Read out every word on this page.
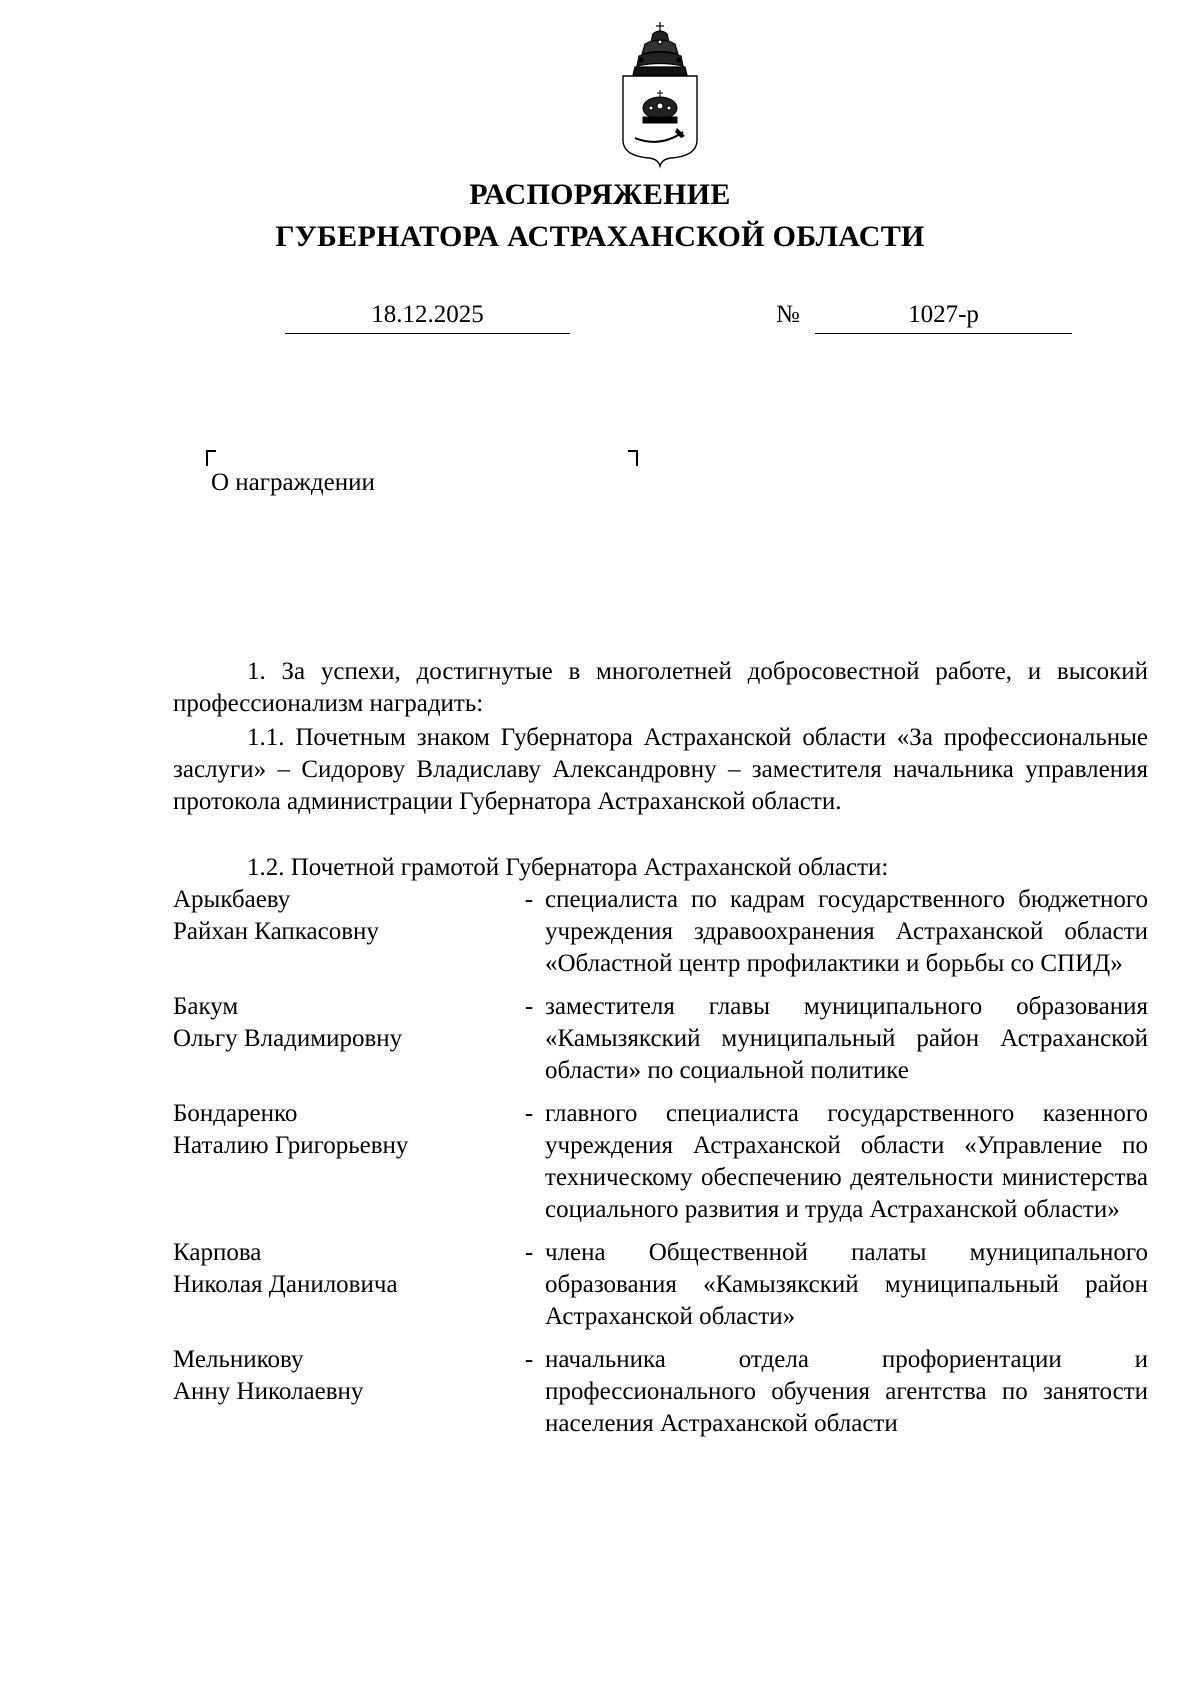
РАСПОРЯЖЕНИЕ
ГУБЕРНАТОРА АСТРАХАНСКОЙ ОБЛАСТИ
18.12.2025	№	1027-р
О награждении
1. За успехи, достигнутые в многолетней добросовестной работе, и высокий профессионализм наградить:
1.1. Почетным знаком Губернатора Астраханской области «За профессиональные заслуги» – Сидорову Владиславу Александровну – заместителя начальника управления протокола администрации Губернатора Астраханской области.
1.2. Почетной грамотой Губернатора Астраханской области:
Арыкбаеву
Райхан Капкасовну
- специалиста по кадрам государственного бюджетного учреждения здравоохранения Астраханской области «Областной центр профилактики и борьбы со СПИД»
Бакум
Ольгу Владимировну
- заместителя главы муниципального образования «Камызякский муниципальный район Астраханской области» по социальной политике
Бондаренко
Наталию Григорьевну
- главного специалиста государственного казенного учреждения Астраханской области «Управление по техническому обеспечению деятельности министерства социального развития и труда Астраханской области»
Карпова
Николая Даниловича
- члена Общественной палаты муниципального образования «Камызякский муниципальный район Астраханской области»
Мельникову
Анну Николаевну
- начальника отдела профориентации и профессионального обучения агентства по занятости населения Астраханской области
